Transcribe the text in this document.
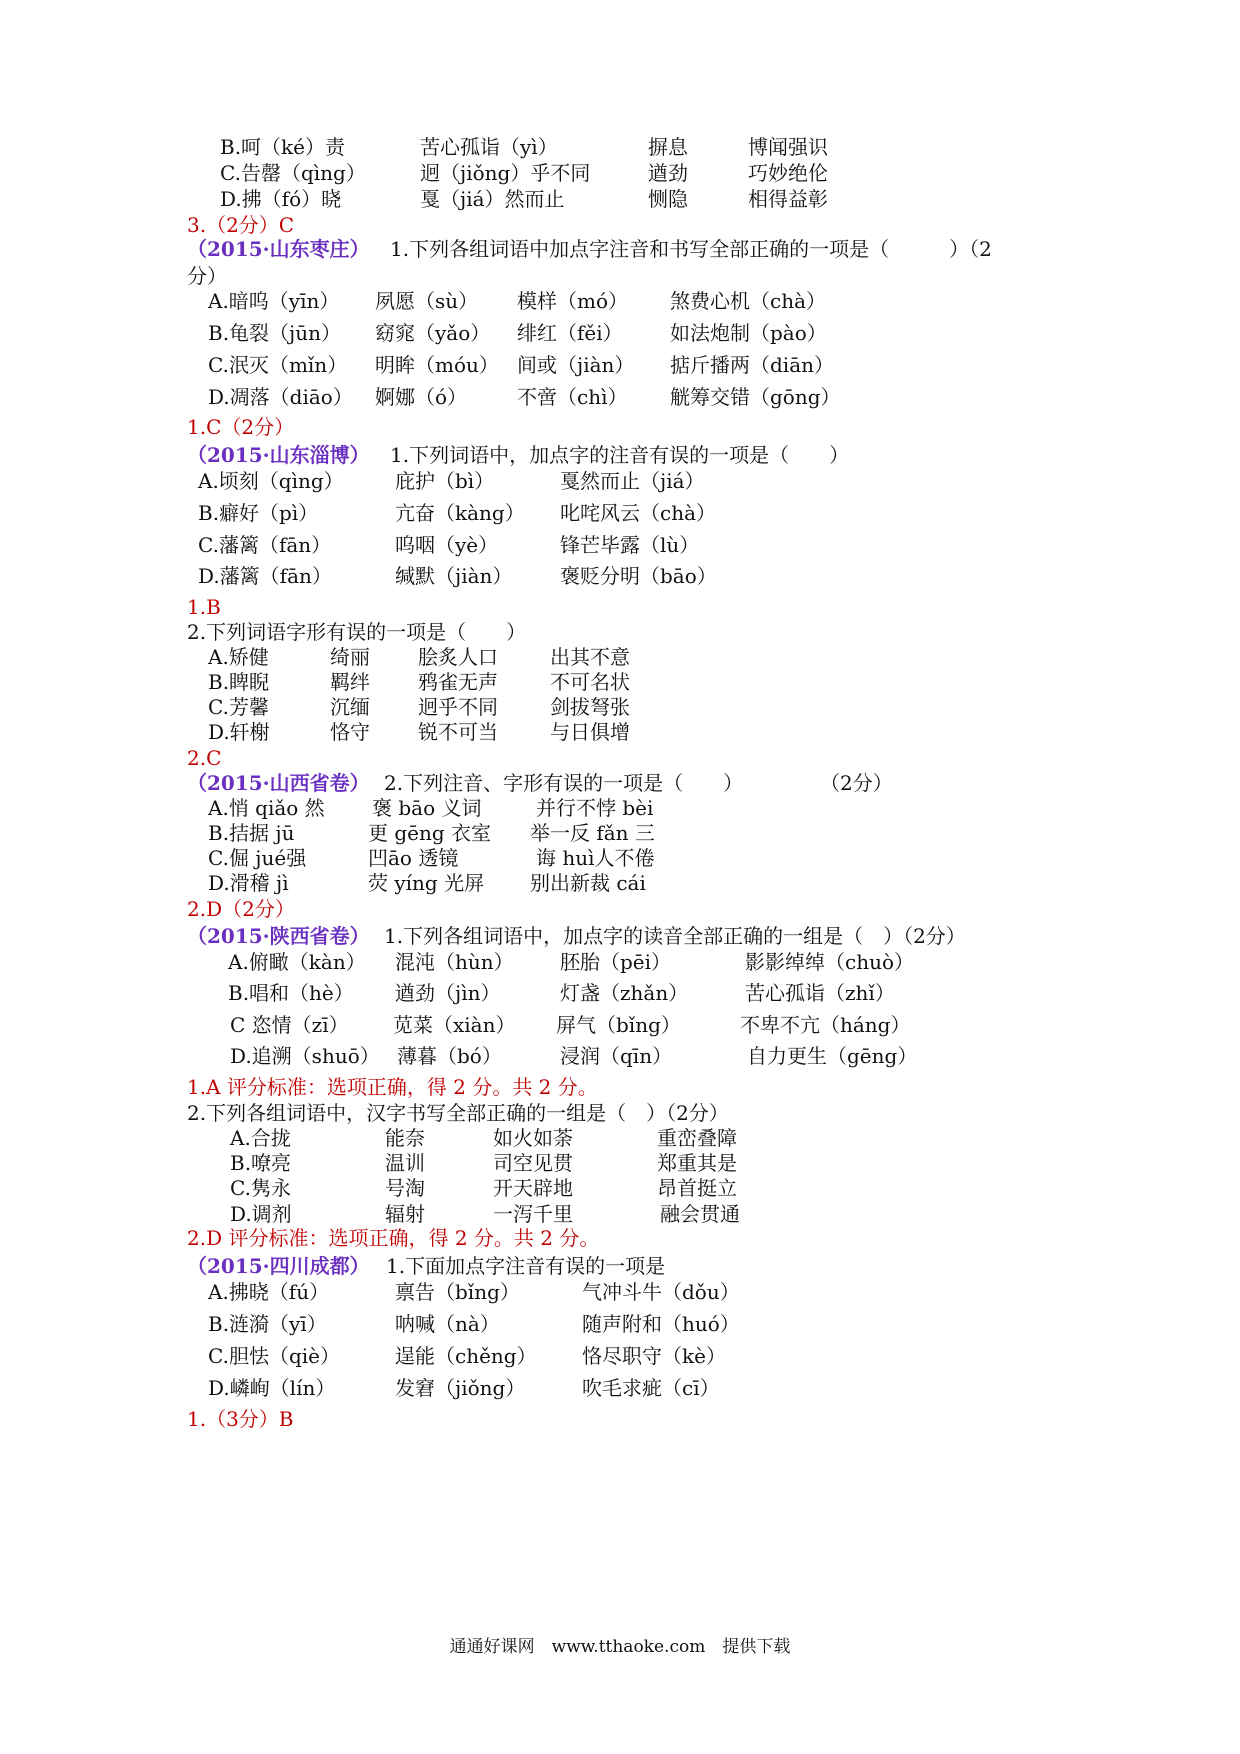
B.呵（ké）责	苦心孤诣（yì）	摒息	博闻强识
C.告罄（qìng）	迥（jiǒng）乎不同	遒劲	巧妙绝伦
D.拂（fó）晓	戛（jiá）然而止	恻隐	相得益彰
3.（2分）C
（2015·山东枣庄） 1.下列各组词语中加点字注音和书写全部正确的一项是（　　　）（2
分）
A.暗呜（yīn） 夙愿（sù） 模样（mó） 煞费心机（chà）
B.龟裂（jūn） 窈窕（yǎo） 绯红（fěi） 如法炮制（pào）
C.泯灭（mǐn） 明眸（móu） 间或（jiàn） 掂斤播两（diān）
D.凋落（diāo） 婀娜（ó） 不啻（chì） 觥筹交错（gōng）
1.C（2分）
（2015·山东淄博） 1.下列词语中，加点字的注音有误的一项是（　　）
A.顷刻（qìng）	庇护（bì）	戛然而止（jiá）
B.癖好（pì）	亢奋（kàng） 叱咤风云（chà）
C.藩篱（fān）	呜咽（yè）	锋芒毕露（lù）
D.藩篱（fān）	缄默（jiàn） 褒贬分明（bāo）
1.B
2.下列词语字形有误的一项是（　　）
A.矫健	绮丽 脍炙人口	出其不意
B.睥睨	羁绊 鸦雀无声	不可名状
C.芳馨	沉缅 迥乎不同	剑拔弩张
D.轩榭	恪守 锐不可当	与日俱增
2.C
（2015·山西省卷） 2.下列注音、字形有误的一项是（　　）	（2分）
A.悄 qiǎo 然 褒 bāo 义词	并行不悖 bèi
B.拮据 jū	更 gēng 衣室 举一反 fǎn 三
C.倔 jué强	凹āo 透镜	诲 huì人不倦
D.滑稽 jì	荧 yíng 光屏 别出新裁 cái
2.D（2分）
（2015·陕西省卷） 1.下列各组词语中，加点字的读音全部正确的一组是（　）（2分）
A.俯瞰（kàn） 混沌（hùn） 胚胎（pēi）	影影绰绰（chuò）
B.唱和（hè） 遒劲（jìn）	灯盏（zhǎn）	苦心孤诣（zhǐ）
C 恣情（zī） 苋菜（xiàn） 屏气（bǐng）	不卑不亢（háng）
D.追溯（shuō） 薄暮（bó）	浸润（qīn）	自力更生（gēng）
1.A 评分标准：选项正确，得 2 分。共 2 分。
2.下列各组词语中，汉字书写全部正确的一组是（　）（2分）
A.合拢	能奈	如火如荼	重峦叠障
B.嘹亮	温训	司空见贯	郑重其是
C.隽永	号淘	开天辟地	昂首挺立
D.调剂	辐射	一泻千里	融会贯通
2.D 评分标准：选项正确，得 2 分。共 2 分。
（2015·四川成都） 1.下面加点字注音有误的一项是
A.拂晓（fú）	禀告（bǐng）	气冲斗牛（dǒu）
B.涟漪（yī）	呐喊（nà）	随声附和（huó）
C.胆怯（qiè）	逞能（chěng） 恪尽职守（kè）
D.嶙峋（lín）	发窘（jiǒng）	吹毛求疵（cī）
1.（3分）B
通通好课网　www.tthaoke.com　提供下载
